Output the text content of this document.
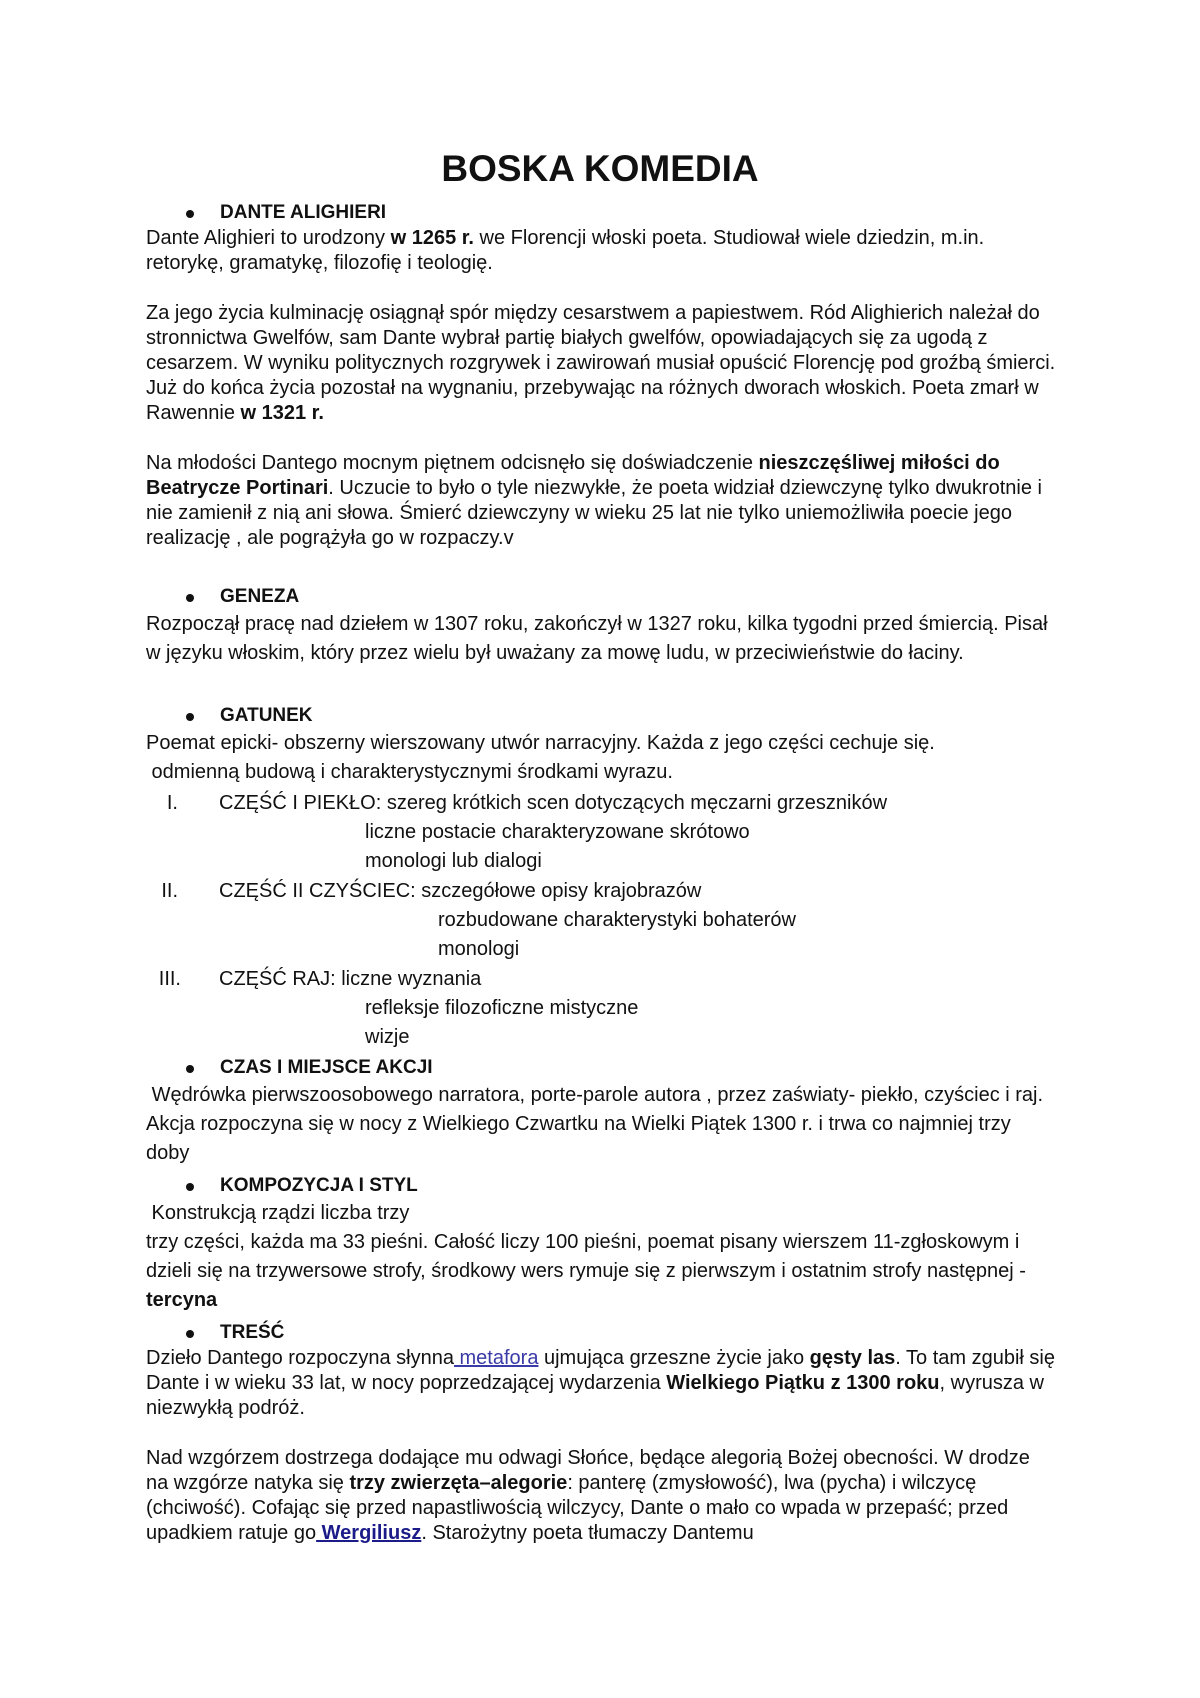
BOSKA KOMEDIA
DANTE ALIGHIERI

Dante Alighieri to urodzony w 1265 r. we Florencji włoski poeta. Studiował wiele dziedzin, m.in. retorykę, gramatykę, filozofię i teologię.

Za jego życia kulminację osiągnął spór między cesarstwem a papiestwem. Ród Alighierich należał do stronnictwa Gwelfów, sam Dante wybrał partię białych gwelfów, opowiadających się za ugodą z cesarzem. W wyniku politycznych rozgrywek i zawirowań musiał opuścić Florencję pod groźbą śmierci. Już do końca życia pozostał na wygnaniu, przebywając na różnych dworach włoskich. Poeta zmarł w Rawennie w 1321 r.

Na młodości Dantego mocnym piętnem odcisnęło się doświadczenie nieszczęśliwej miłości do Beatrycze Portinari. Uczucie to było o tyle niezwykłe, że poeta widział dziewczynę tylko dwukrotnie i nie zamienił z nią ani słowa. Śmierć dziewczyny w wieku 25 lat nie tylko uniemożliwiła poecie jego realizację , ale pogrążyła go w rozpaczy.v

GENEZA

Rozpoczął pracę nad dziełem w 1307 roku, zakończył w 1327 roku, kilka tygodni przed śmiercią. Pisał w języku włoskim, który przez wielu był uważany za mowę ludu, w przeciwieństwie do łaciny.

GATUNEK

Poemat epicki- obszerny wierszowany utwór narracyjny. Każda z jego części cechuje się.

odmienną budową i charakterystycznymi środkami wyrazu.

I. CZĘŚĆ I PIEKŁO: szereg krótkich scen dotyczących męczarni grzeszników
liczne postacie charakteryzowane skrótowo
monologi lub dialogi
II. CZĘŚĆ II CZYŚCIEC: szczegółowe opisy krajobrazów
rozbudowane charakterystyki bohaterów
monologi
III. CZĘŚĆ RAJ: liczne wyznania
refleksje filozoficzne mistyczne
wizje
CZAS I MIEJSCE AKCJI

Wędrówka pierwszoosobowego narratora, porte-parole autora , przez zaświaty- piekło, czyściec i raj. Akcja rozpoczyna się w nocy z Wielkiego Czwartku na Wielki Piątek 1300 r. i trwa co najmniej trzy doby

KOMPOZYCJA I STYL

Konstrukcją rządzi liczba trzy

trzy części, każda ma 33 pieśni. Całość liczy 100 pieśni, poemat pisany wierszem 11-zgłoskowym i dzieli się na trzywersowe strofy, środkowy wers rymuje się z pierwszym i ostatnim strofy następnej - tercyna

TREŚĆ

Dzieło Dantego rozpoczyna słynna metafora ujmująca grzeszne życie jako gęsty las. To tam zgubił się Dante i w wieku 33 lat, w nocy poprzedzającej wydarzenia Wielkiego Piątku z 1300 roku, wyrusza w niezwykłą podróż.

Nad wzgórzem dostrzega dodające mu odwagi Słońce, będące alegorią Bożej obecności. W drodze na wzgórze natyka się trzy zwierzęta–alegorie: panterę (zmysłowość), lwa (pycha) i wilczycę (chciwość). Cofając się przed napastliwością wilczycy, Dante o mało co wpada w przepaść; przed upadkiem ratuje go Wergiliusz. Starożytny poeta tłumaczy Dantemu
